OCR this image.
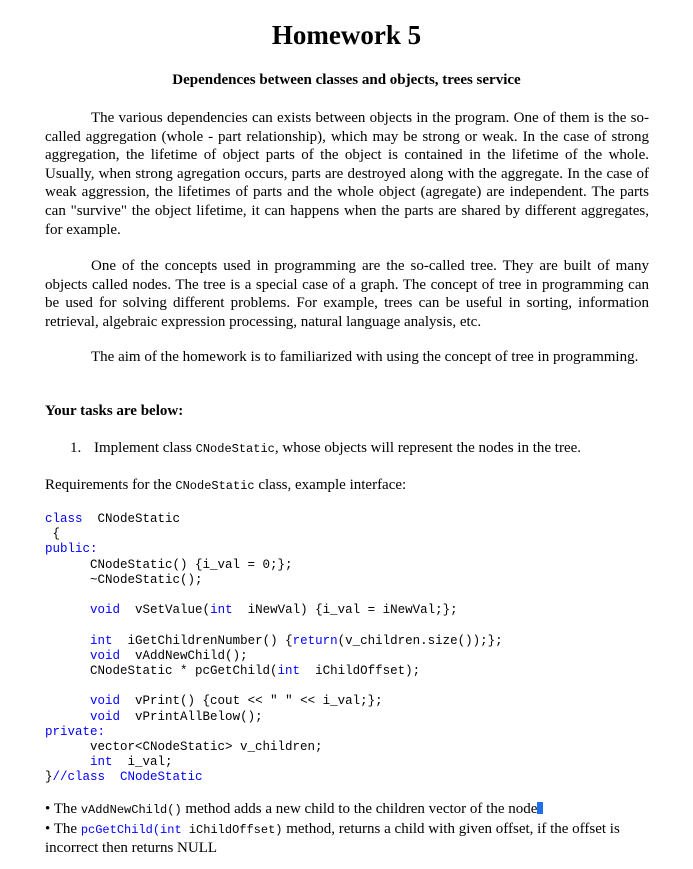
Homework 5
Dependences between classes and objects, trees service

The various dependencies can exists between objects in the program. One of them is the so-called aggregation (whole - part relationship), which may be strong or weak. In the case of strong aggregation, the lifetime of object parts of the object is contained in the lifetime of the whole. Usually, when strong agregation occurs, parts are destroyed along with the aggregate. In the case of weak aggression, the lifetimes of parts and the whole object (agregate) are independent. The parts can "survive" the object lifetime, it can happens when the parts are shared by different aggregates, for example.

One of the concepts used in programming are the so-called tree. They are built of many objects called nodes. The tree is a special case of a graph. The concept of tree in programming can be used for solving different problems. For example, trees can be useful in sorting, information retrieval, algebraic expression processing, natural language analysis, etc.

The aim of the homework is to familiarized with using the concept of tree in programming.

Your tasks are below:

1. Implement class CNodeStatic, whose objects will represent the nodes in the tree.

Requirements for the CNodeStatic class, example interface:

class CNodeStatic
{
public:
CNodeStatic() {i_val = 0;};
~CNodeStatic();

void vSetValue(int iNewVal) {i_val = iNewVal;};

int iGetChildrenNumber() {return(v_children.size());};
void vAddNewChild();
CNodeStatic * pcGetChild(int iChildOffset);

void vPrint() {cout << " " << i_val;};
void vPrintAllBelow();
private:
vector<CNodeStatic> v_children;
int i_val;
}//class  CNodeStatic

• The vAddNewChild() method adds a new child to the children vector of the node

• The pcGetChild(int iChildOffset) method, returns a child with given offset, if the offset is incorrect then returns NULL
